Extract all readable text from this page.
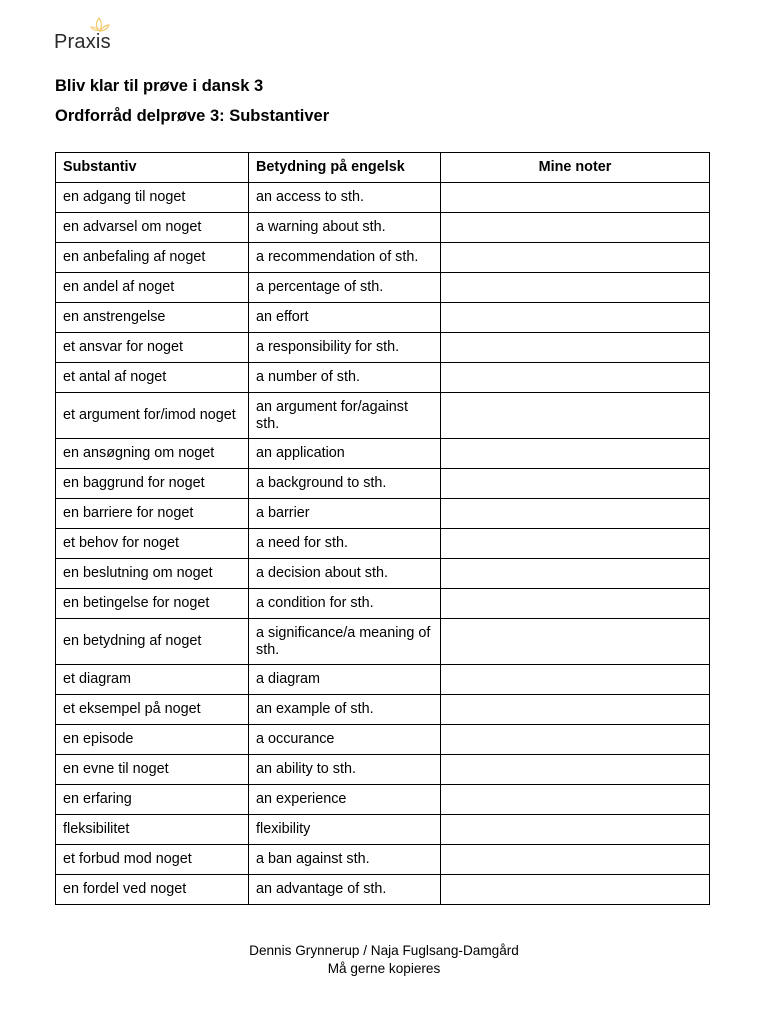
Praxis
Bliv klar til prøve i dansk 3
Ordforråd delprøve 3: Substantiver
Substantiv	Betydning på engelsk	Mine noter
en adgang til noget	an access to sth.	
en advarsel om noget	a warning about sth.	
en anbefaling af noget	a recommendation of sth.	
en andel af noget	a percentage of sth.	
en anstrengelse	an effort	
et ansvar for noget	a responsibility for sth.	
et antal af noget	a number of sth.	
et argument for/imod noget	an argument for/against sth.	
en ansøgning om noget	an application	
en baggrund for noget	a background to sth.	
en barriere for noget	a barrier	
et behov for noget	a need for sth.	
en beslutning om noget	a decision about sth.	
en betingelse for noget	a condition for sth.	
en betydning af noget	a significance/a meaning of sth.	
et diagram	a diagram	
et eksempel på noget	an example of sth.	
en episode	a occurance	
en evne til noget	an ability to sth.	
en erfaring	an experience	
fleksibilitet	flexibility	
et forbud mod noget	a ban against sth.	
en fordel ved noget	an advantage of sth.	
Dennis Grynnerup / Naja Fuglsang-Damgård
Må gerne kopieres
